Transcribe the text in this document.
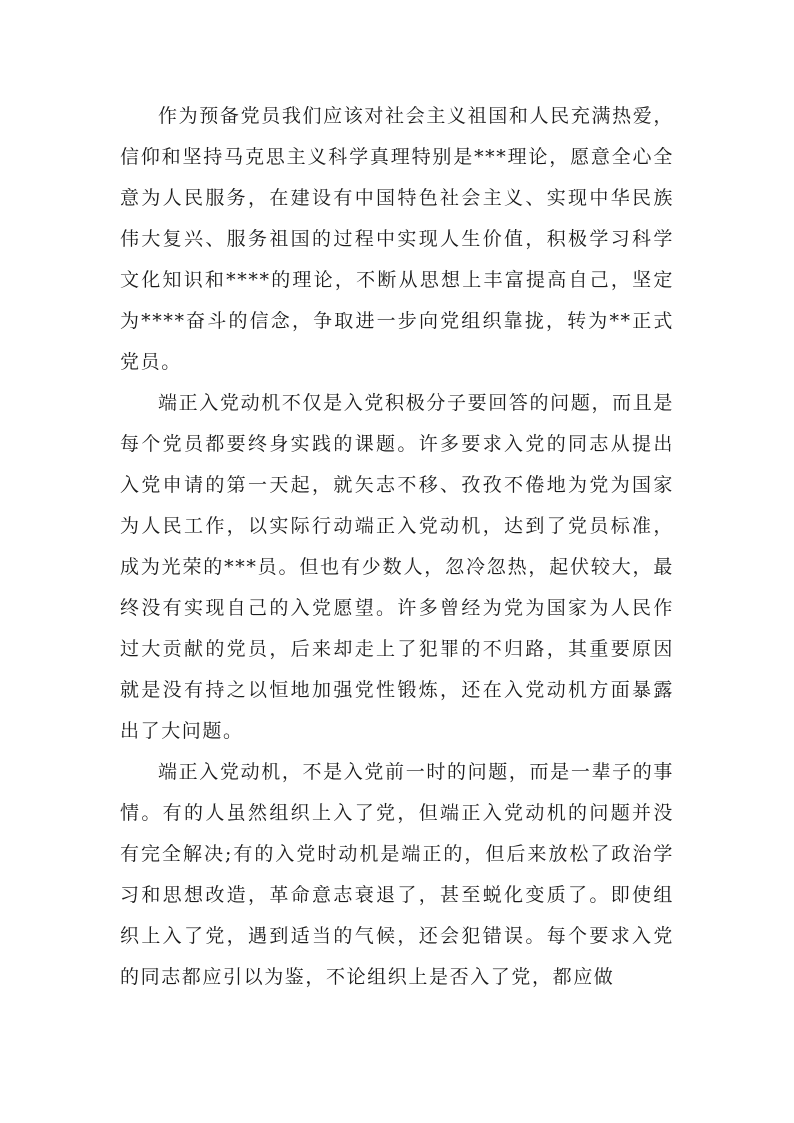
作为预备党员我们应该对社会主义祖国和人民充满热爱，信仰和坚持马克思主义科学真理特别是***理论，愿意全心全意为人民服务，在建设有中国特色社会主义、实现中华民族伟大复兴、服务祖国的过程中实现人生价值，积极学习科学文化知识和****的理论，不断从思想上丰富提高自己，坚定为****奋斗的信念，争取进一步向党组织靠拢，转为**正式党员。

端正入党动机不仅是入党积极分子要回答的问题，而且是每个党员都要终身实践的课题。许多要求入党的同志从提出入党申请的第一天起，就矢志不移、孜孜不倦地为党为国家为人民工作，以实际行动端正入党动机，达到了党员标准，成为光荣的***员。但也有少数人，忽冷忽热，起伏较大，最终没有实现自己的入党愿望。许多曾经为党为国家为人民作过大贡献的党员，后来却走上了犯罪的不归路，其重要原因就是没有持之以恒地加强党性锻炼，还在入党动机方面暴露出了大问题。

端正入党动机，不是入党前一时的问题，而是一辈子的事情。有的人虽然组织上入了党，但端正入党动机的问题并没有完全解决;有的入党时动机是端正的，但后来放松了政治学习和思想改造，革命意志衰退了，甚至蜕化变质了。即使组织上入了党，遇到适当的气候，还会犯错误。每个要求入党的同志都应引以为鉴，不论组织上是否入了党，都应做
